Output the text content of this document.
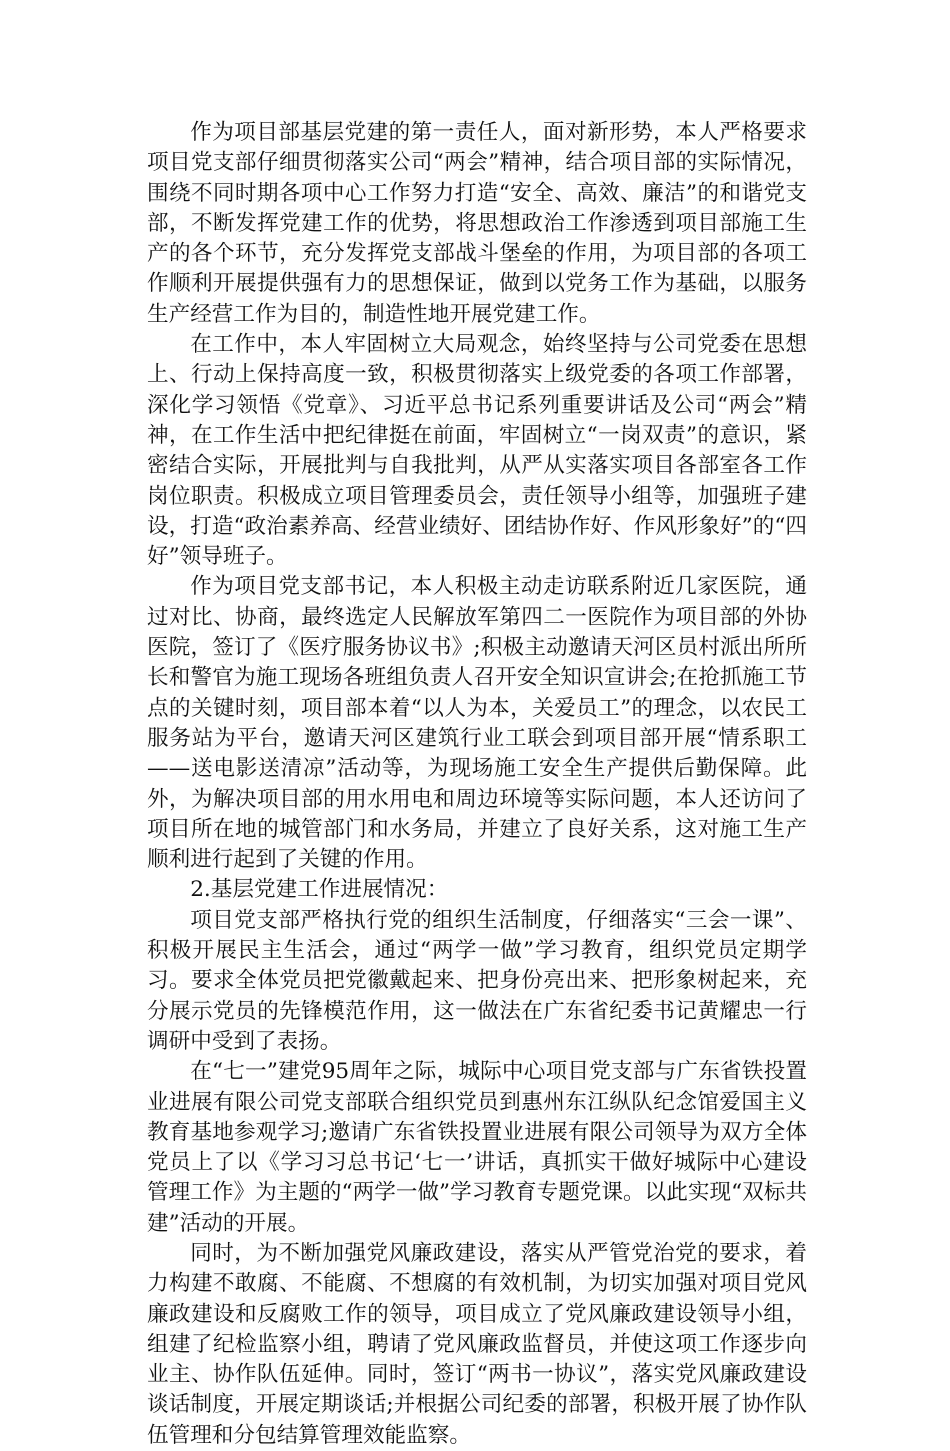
作为项目部基层党建的第一责任人，面对新形势，本人严格要求项目党支部仔细贯彻落实公司“两会”精神，结合项目部的实际情况，围绕不同时期各项中心工作努力打造“安全、高效、廉洁”的和谐党支部，不断发挥党建工作的优势，将思想政治工作渗透到项目部施工生产的各个环节，充分发挥党支部战斗堡垒的作用，为项目部的各项工作顺利开展提供强有力的思想保证，做到以党务工作为基础，以服务生产经营工作为目的，制造性地开展党建工作。

在工作中，本人牢固树立大局观念，始终坚持与公司党委在思想上、行动上保持高度一致，积极贯彻落实上级党委的各项工作部署，深化学习领悟《党章》、习近平总书记系列重要讲话及公司“两会”精神，在工作生活中把纪律挺在前面，牢固树立“一岗双责”的意识，紧密结合实际，开展批判与自我批判，从严从实落实项目各部室各工作岗位职责。积极成立项目管理委员会，责任领导小组等，加强班子建设，打造“政治素养高、经营业绩好、团结协作好、作风形象好”的“四好”领导班子。

作为项目党支部书记，本人积极主动走访联系附近几家医院，通过对比、协商，最终选定人民解放军第四二一医院作为项目部的外协医院，签订了《医疗服务协议书》;积极主动邀请天河区员村派出所所长和警官为施工现场各班组负责人召开安全知识宣讲会;在抢抓施工节点的关键时刻，项目部本着“以人为本，关爱员工”的理念，以农民工服务站为平台，邀请天河区建筑行业工联会到项目部开展“情系职工——送电影送清凉”活动等，为现场施工安全生产提供后勤保障。此外，为解决项目部的用水用电和周边环境等实际问题，本人还访问了项目所在地的城管部门和水务局，并建立了良好关系，这对施工生产顺利进行起到了关键的作用。

2.基层党建工作进展情况：

项目党支部严格执行党的组织生活制度，仔细落实“三会一课”、积极开展民主生活会，通过“两学一做”学习教育，组织党员定期学习。要求全体党员把党徽戴起来、把身份亮出来、把形象树起来，充分展示党员的先锋模范作用，这一做法在广东省纪委书记黄耀忠一行调研中受到了表扬。

在“七一”建党95周年之际，城际中心项目党支部与广东省铁投置业进展有限公司党支部联合组织党员到惠州东江纵队纪念馆爱国主义教育基地参观学习;邀请广东省铁投置业进展有限公司领导为双方全体党员上了以《学习习总书记‘七一’讲话，真抓实干做好城际中心建设管理工作》为主题的“两学一做”学习教育专题党课。以此实现“双标共建”活动的开展。

同时，为不断加强党风廉政建设，落实从严管党治党的要求，着力构建不敢腐、不能腐、不想腐的有效机制，为切实加强对项目党风廉政建设和反腐败工作的领导，项目成立了党风廉政建设领导小组，组建了纪检监察小组，聘请了党风廉政监督员，并使这项工作逐步向业主、协作队伍延伸。同时，签订“两书一协议”，落实党风廉政建设谈话制度，开展定期谈话;并根据公司纪委的部署，积极开展了协作队伍管理和分包结算管理效能监察。
